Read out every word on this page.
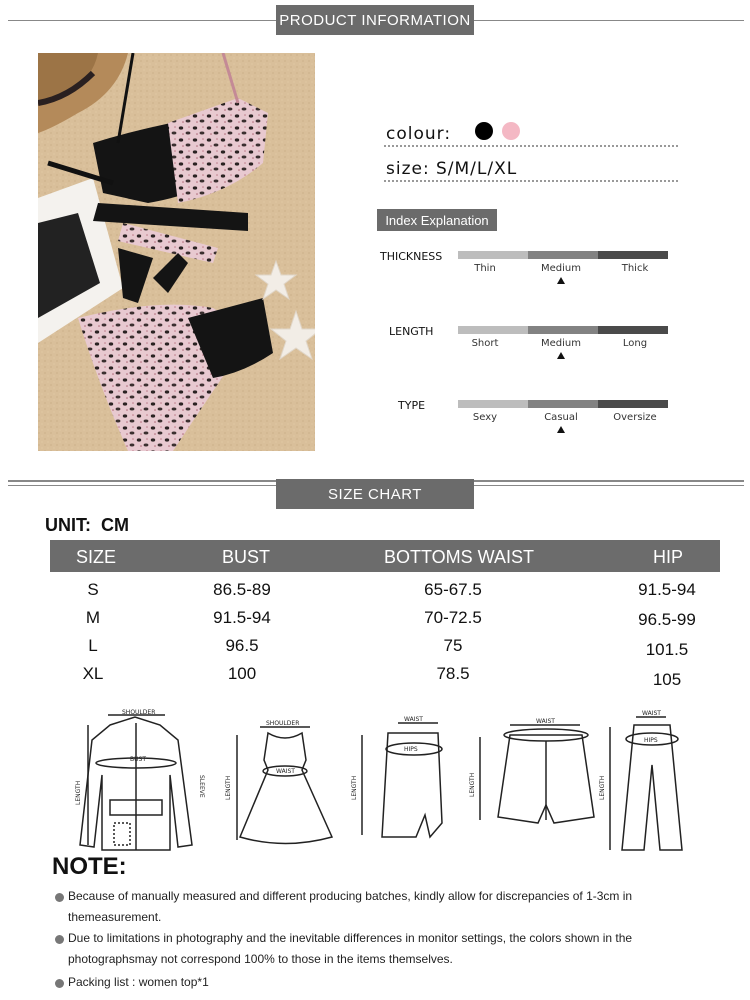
PRODUCT INFORMATION
colour:
size: S/M/L/XL
Index Explanation
THICKNESS
Thin	Medium	Thick
LENGTH
Short	Medium	Long
TYPE
Sexy	Casual	Oversize
SIZE CHART
UNIT:  CM
SIZE	BUST	BOTTOMS WAIST	HIP
S	86.5-89	65-67.5	91.5-94
M	91.5-94	70-72.5	96.5-99
L	96.5	75	101.5
XL	100	78.5	105
SHOULDER
BUST
SHOULDER
WAIST
WAIST
HIPS
WAIST
WAIST
HIPS
SLEEVE
LENGTH	LENGTH	LENGTH	LENGTH	LENGTH
NOTE:
Because of manually measured and different producing batches, kindly allow for discrepancies of 1-3cm in
themeasurement.
Due to limitations in photography and the inevitable differences in monitor settings, the colors shown in the
photographsmay not correspond 100% to those in the items themselves.
Packing list : women top*1
